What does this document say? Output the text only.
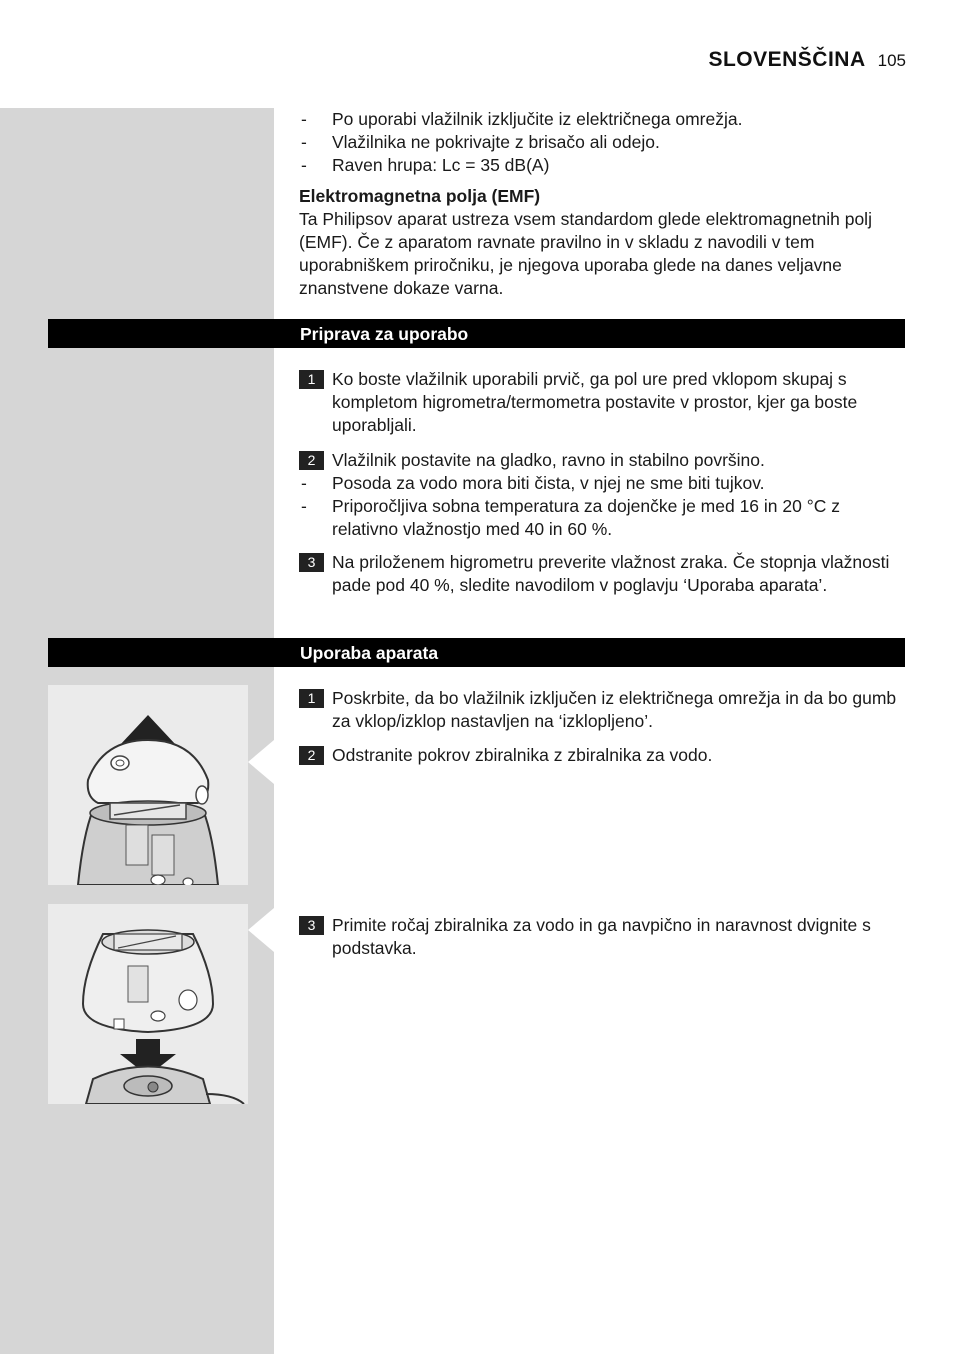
SLOVENŠČINA 105
- Po uporabi vlažilnik izključite iz električnega omrežja.
- Vlažilnika ne pokrivajte z brisačo ali odejo.
- Raven hrupa: Lc = 35 dB(A)
Elektromagnetna polja (EMF)
Ta Philipsov aparat ustreza vsem standardom glede elektromagnetnih polj (EMF). Če z aparatom ravnate pravilno in v skladu z navodili v tem uporabniškem priročniku, je njegova uporaba glede na danes veljavne znanstvene dokaze varna.
Priprava za uporabo
1 Ko boste vlažilnik uporabili prvič, ga pol ure pred vklopom skupaj s kompletom higrometra/termometra postavite v prostor, kjer ga boste uporabljali.
2 Vlažilnik postavite na gladko, ravno in stabilno površino.
- Posoda za vodo mora biti čista, v njej ne sme biti tujkov.
- Priporočljiva sobna temperatura za dojenčke je med 16 in 20 °C z relativno vlažnostjo med 40 in 60 %.
3 Na priloženem higrometru preverite vlažnost zraka. Če stopnja vlažnosti pade pod 40 %, sledite navodilom v poglavju ‘Uporaba aparata’.
Uporaba aparata
1 Poskrbite, da bo vlažilnik izključen iz električnega omrežja in da bo gumb za vklop/izklop nastavljen na ‘izklopljeno’.
2 Odstranite pokrov zbiralnika z zbiralnika za vodo.
3 Primite ročaj zbiralnika za vodo in ga navpično in naravnost dvignite s podstavka.
